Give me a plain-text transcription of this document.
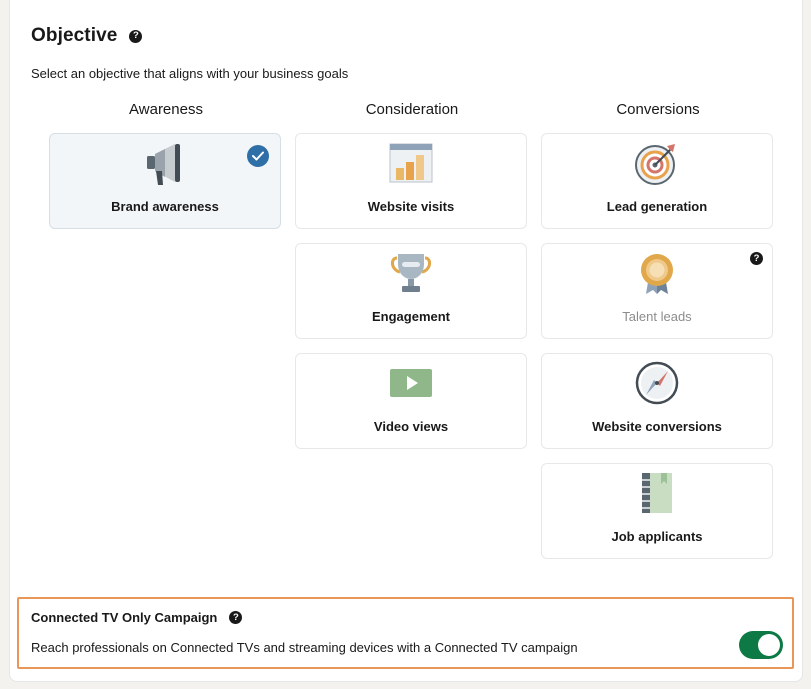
Objective	?
Select an objective that aligns with your business goals
Awareness	Consideration	Conversions
Brand awareness	Website visits
Engagement
Video views
Lead generation
?
Talent leads
Website conversions
Job applicants
Connected TV Only Campaign	?
Reach professionals on Connected TVs and streaming devices with a Connected TV campaign
